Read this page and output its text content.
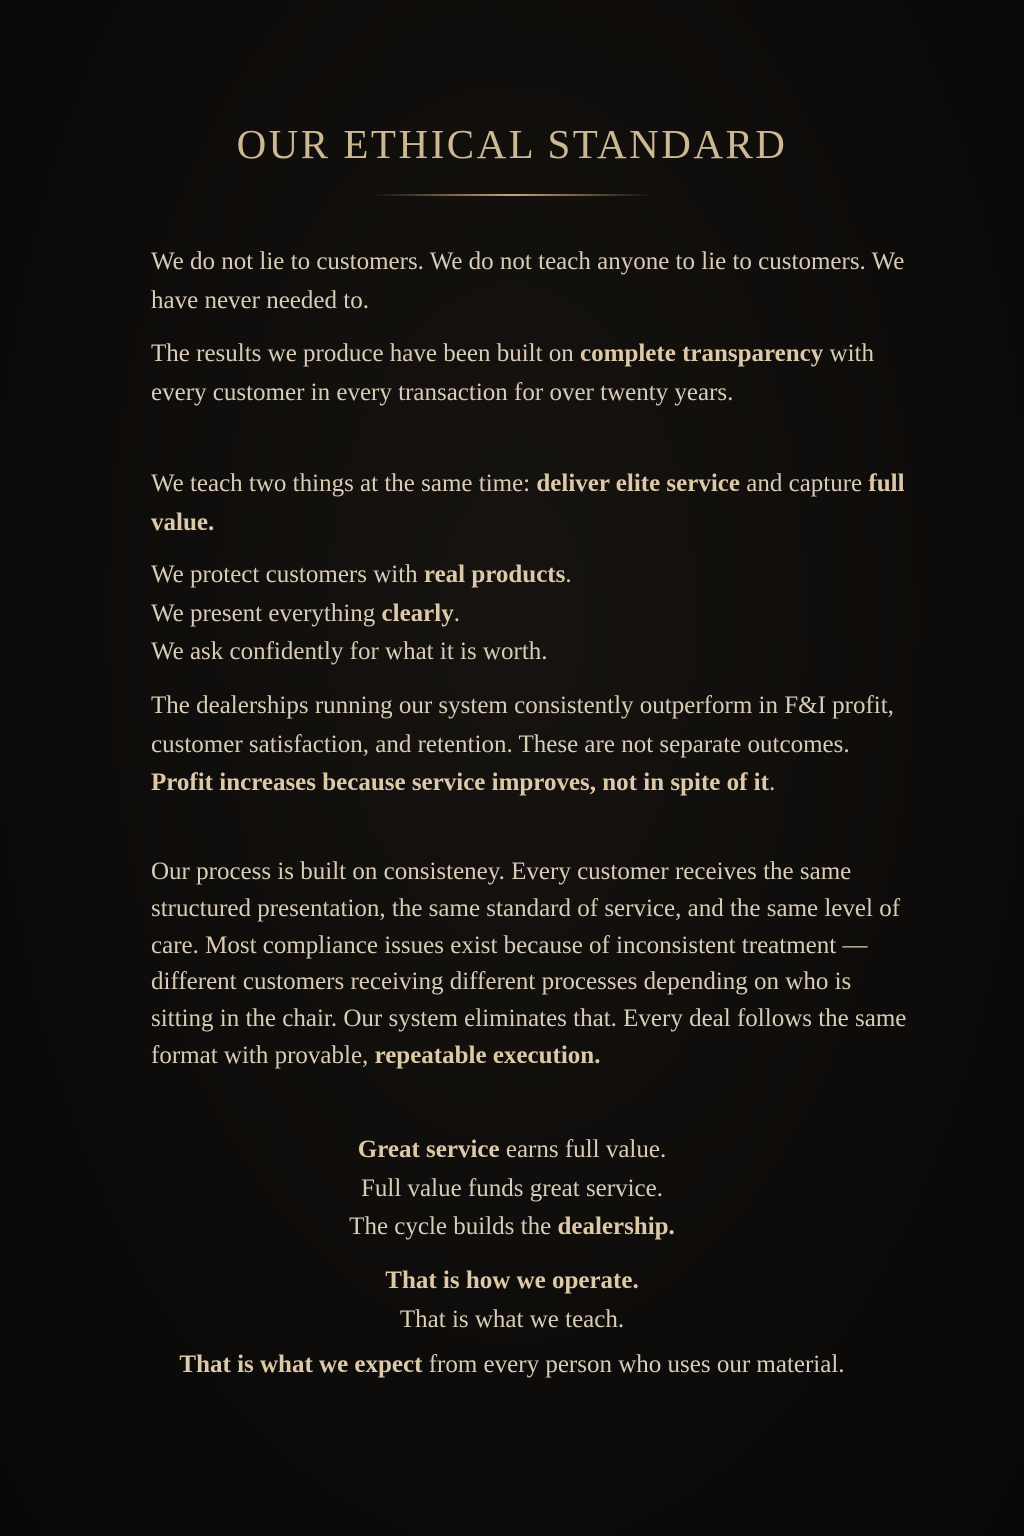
OUR ETHICAL STANDARD

We do not lie to customers. We do not teach anyone to lie to customers. We have never needed to.

The results we produce have been built on complete transparency with every customer in every transaction for over twenty years.

We teach two things at the same time: deliver elite service and capture full value.

We protect customers with real products.
We present everything clearly.
We ask confidently for what it is worth.

The dealerships running our system consistently outperform in F&I profit, customer satisfaction, and retention. These are not separate outcomes. Profit increases because service improves, not in spite of it.

Our process is built on consisteney. Every customer receives the same structured presentation, the same standard of service, and the same level of care. Most compliance issues exist because of inconsistent treatment — different customers receiving different processes depending on who is sitting in the chair. Our system eliminates that. Every deal follows the same format with provable, repeatable execution.

Great service earns full value.
Full value funds great service.
The cycle builds the dealership.

That is how we operate.
That is what we teach.

That is what we expect from every person who uses our material.
